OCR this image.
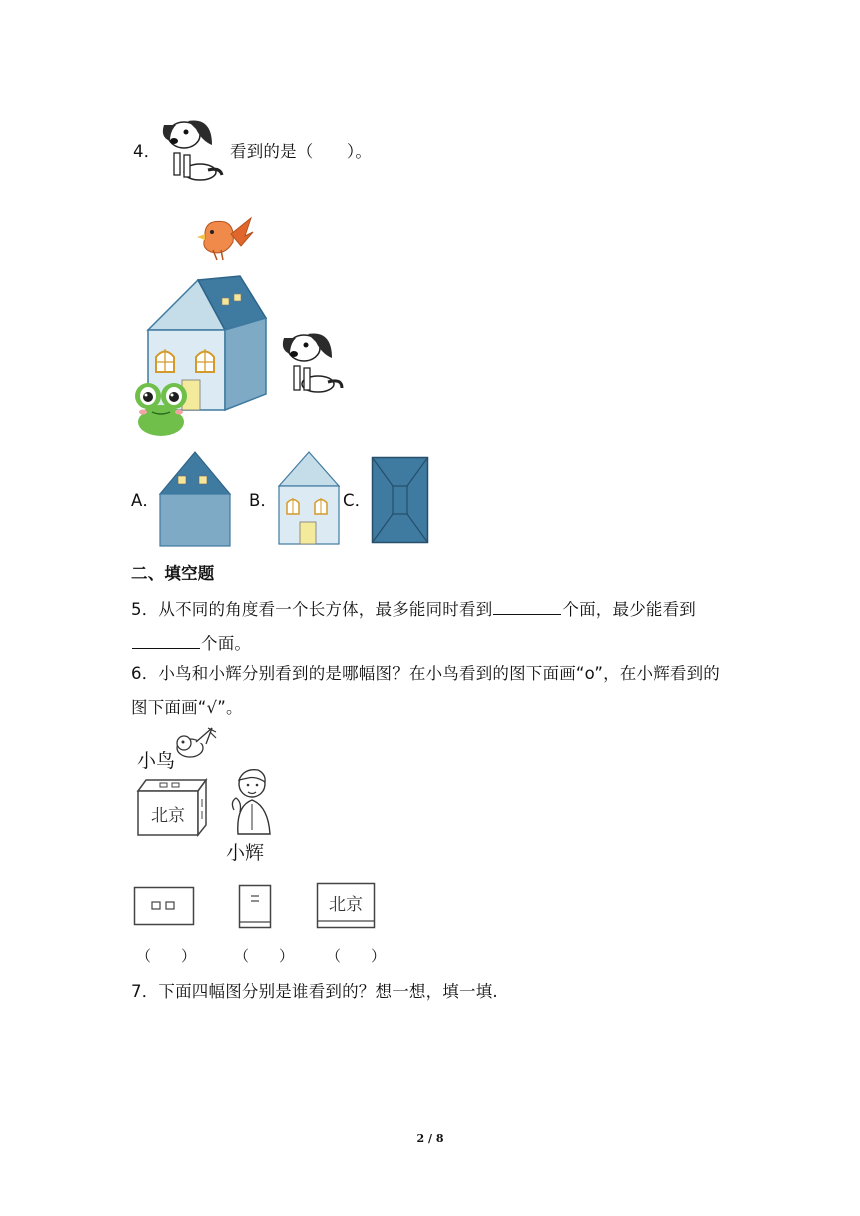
4．	看到的是（　　）。
A．	B．	C．
二、填空题
5．从不同的角度看一个长方体，最多能同时看到	个面，最少能看到
个面。
6．小鸟和小辉分别看到的是哪幅图？在小鸟看到的图下面画“o”，在小辉看到的
图下面画“√”。
小鸟
北京
小辉
北京
（　　）	（　　） （　　）
7．下面四幅图分别是谁看到的？想一想，填一填.
2 / 8
